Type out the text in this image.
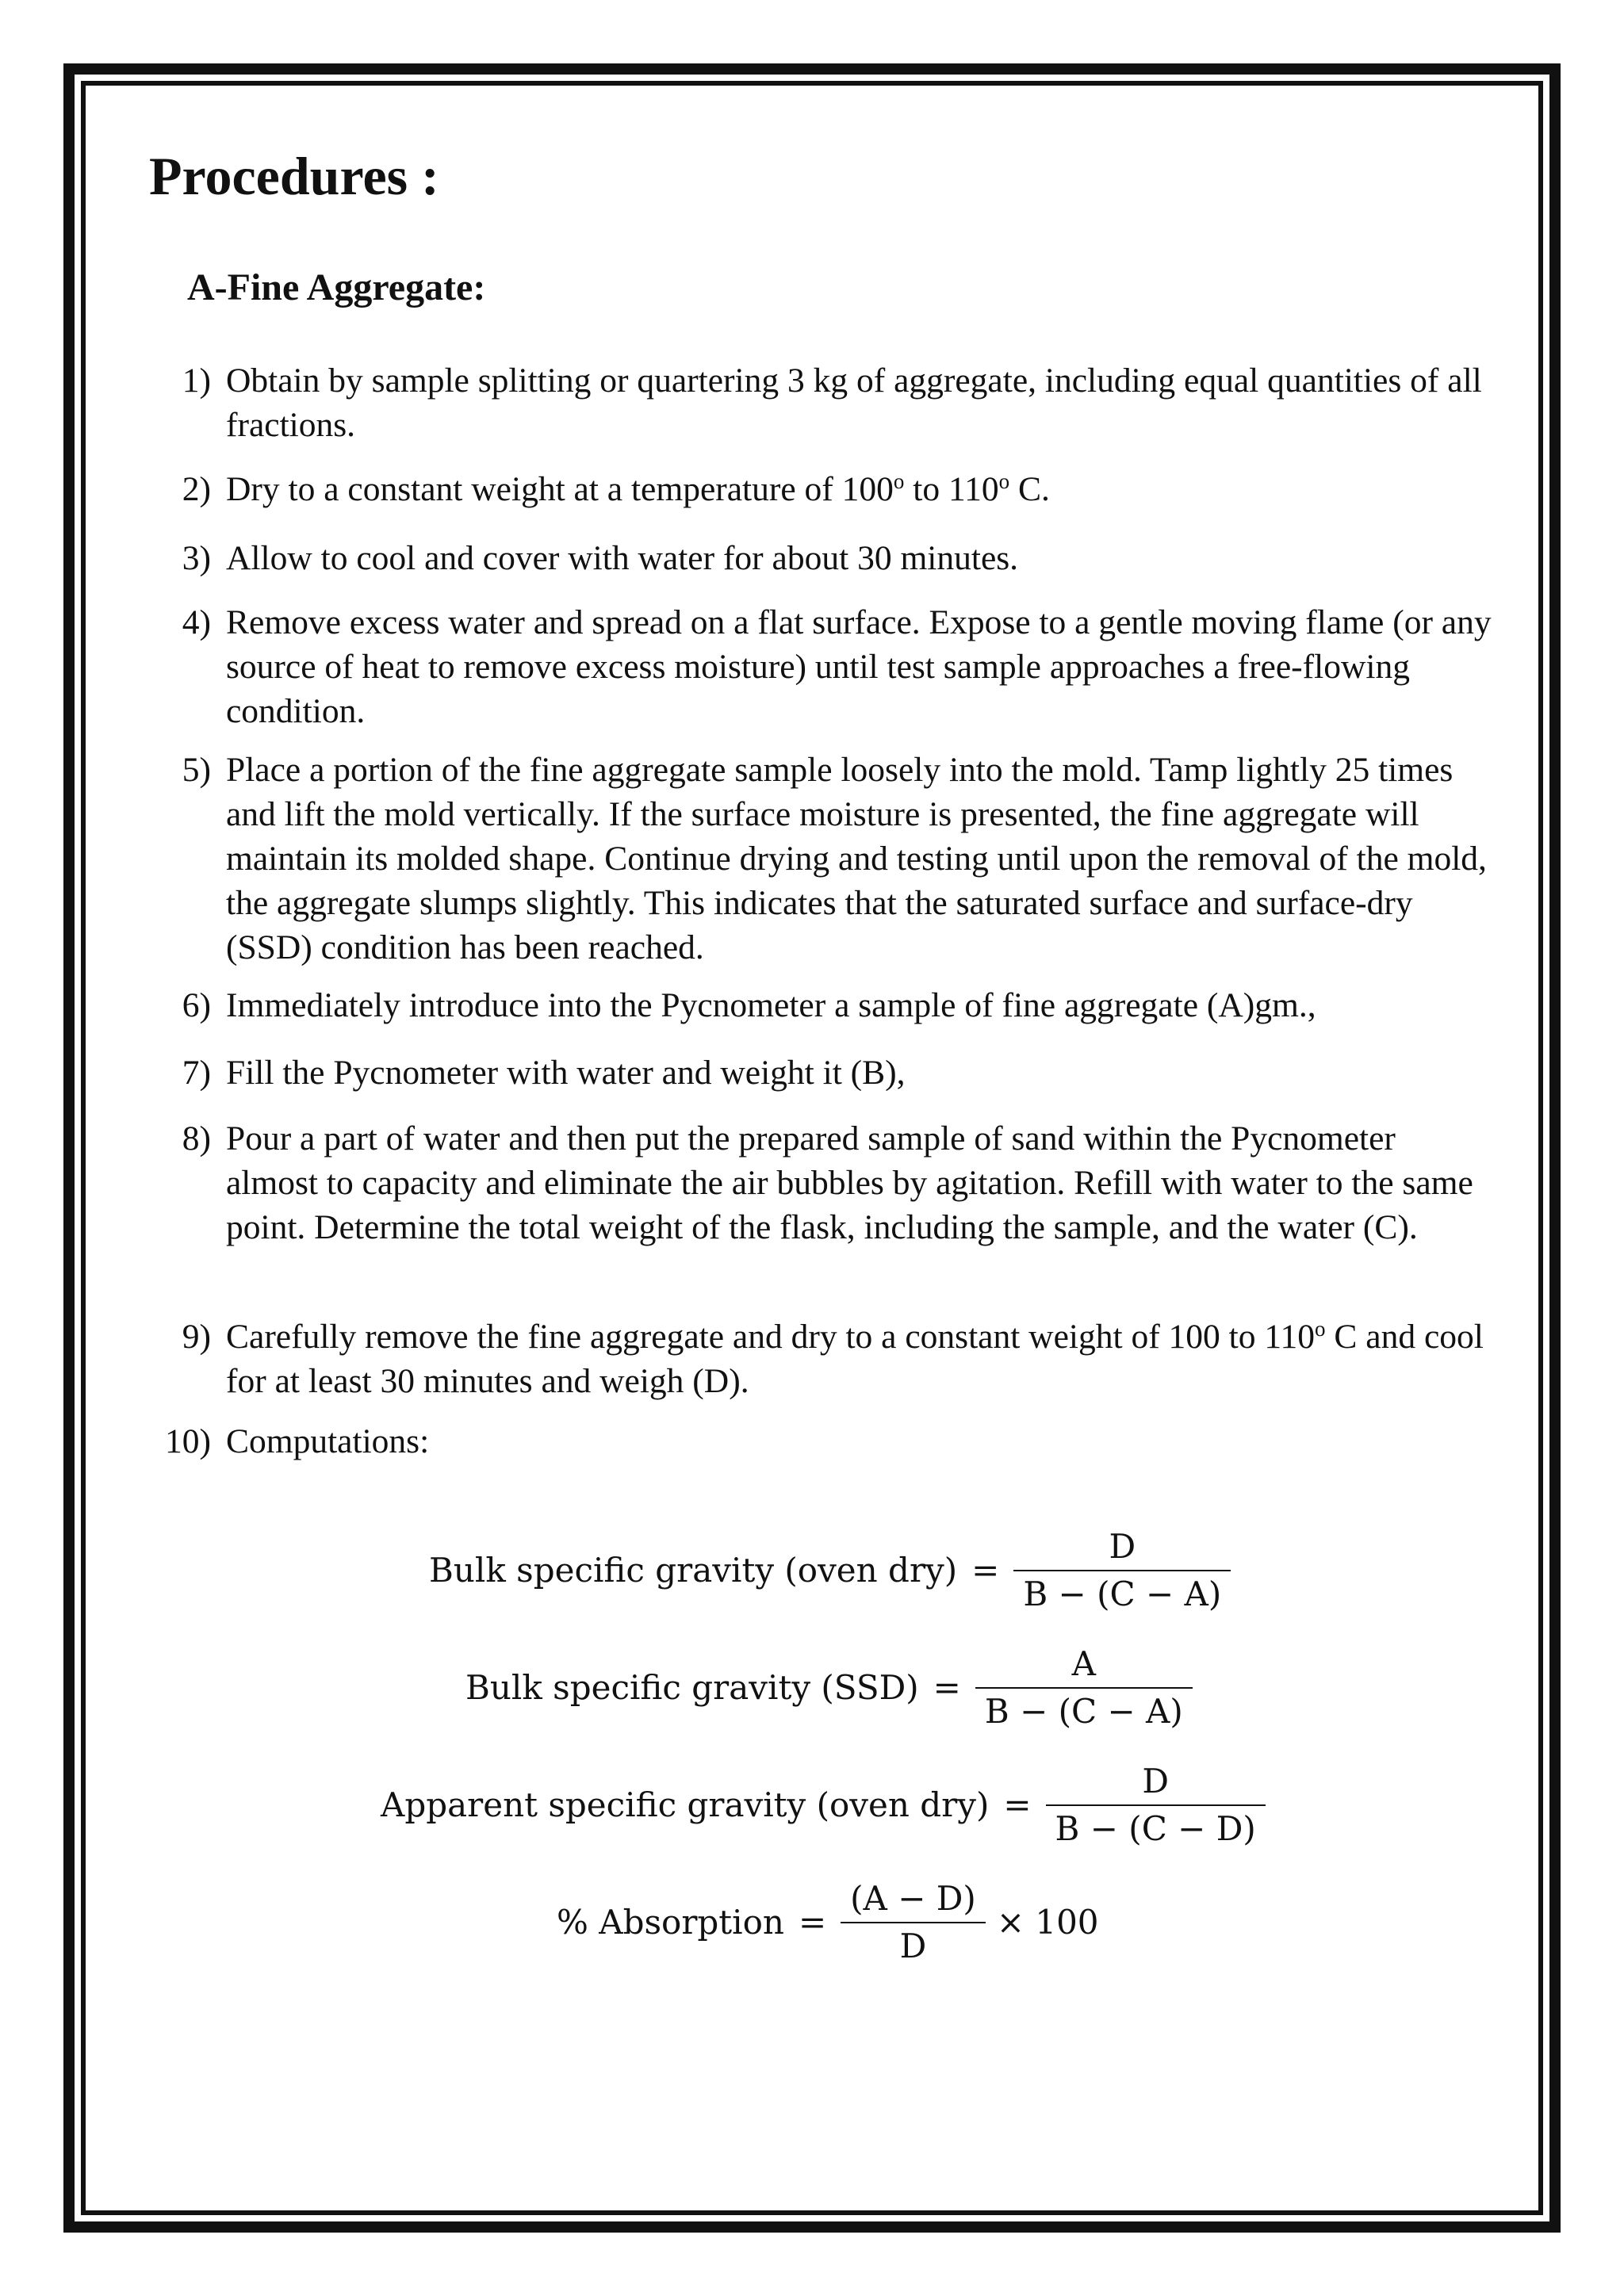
Procedures :
A-Fine Aggregate:
1) Obtain by sample splitting or quartering 3 kg of aggregate, including equal quantities of all fractions.
2) Dry to a constant weight at a temperature of 100$^o$ to 110$^o$ C.
3) Allow to cool and cover with water for about 30 minutes.
4) Remove excess water and spread on a flat surface. Expose to a gentle moving flame (or any source of heat to remove excess moisture) until test sample approaches a free-flowing condition.
5) Place a portion of the fine aggregate sample loosely into the mold. Tamp lightly 25 times and lift the mold vertically. If the surface moisture is presented, the fine aggregate will maintain its molded shape. Continue drying and testing until upon the removal of the mold, the aggregate slumps slightly. This indicates that the saturated surface and surface-dry (SSD) condition has been reached.
6) Immediately introduce into the Pycnometer a sample of fine aggregate (A)gm.,
7) Fill the Pycnometer with water and weight it (B),
8) Pour a part of water and then put the prepared sample of sand within the Pycnometer almost to capacity and eliminate the air bubbles by agitation. Refill with water to the same point. Determine the total weight of the flask, including the sample, and the water (C).
9) Carefully remove the fine aggregate and dry to a constant weight of 100 to 110$^o$ C and cool for at least 30 minutes and weigh (D).
10) Computations:
Bulk specific gravity (oven $dry) = \frac{D}{B - (C - A)}$
Bulk specific gravity $(SSD) = \frac{A}{B - (C - A)}$
Apparent specific gravity (oven $dry) = \frac{D}{B - (C - D)}$
% Absorption = $\frac{(A - D)}{D} \times 100$
